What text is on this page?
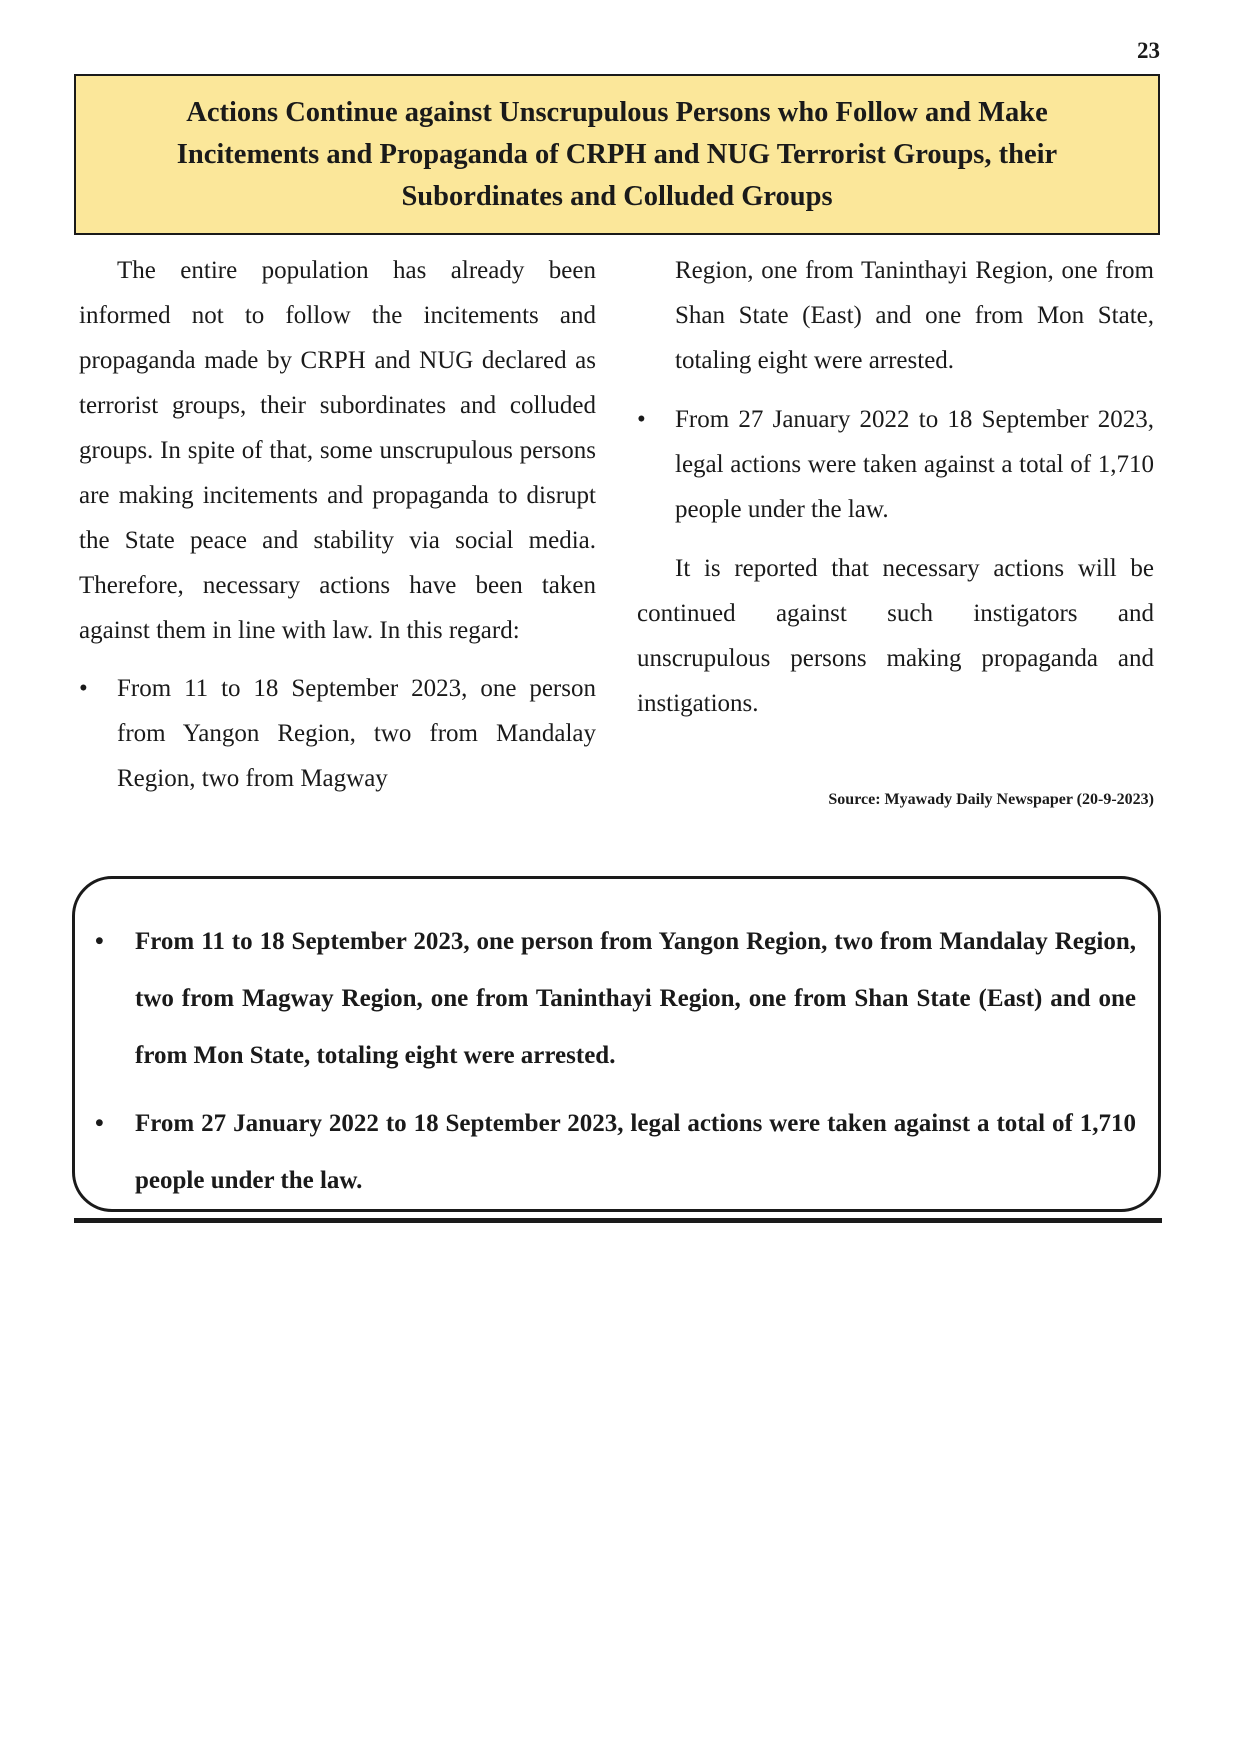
23
Actions Continue against Unscrupulous Persons who Follow and Make
Incitements and Propaganda of CRPH and NUG Terrorist Groups, their
Subordinates and Colluded Groups

The entire population has already been informed not to follow the incitements and propaganda made by CRPH and NUG declared as terrorist groups, their subordinates and colluded groups. In spite of that, some unscrupulous persons are making incitements and propaganda to disrupt the State peace and stability via social media. Therefore, necessary actions have been taken against them in line with law. In this regard:

•	From 11 to 18 September 2023, one person from Yangon Region, two from Mandalay Region, two from Magway
Region, one from Taninthayi Region, one from Shan State (East) and one from Mon State, totaling eight were arrested.
•	From 27 January 2022 to 18 September 2023, legal actions were taken against a total of 1,710 people under the law.

It is reported that necessary actions will be continued against such instigators and unscrupulous persons making propaganda and instigations.

Source: Myawady Daily Newspaper (20-9-2023)
• From 11 to 18 September 2023, one person from Yangon Region, two from Mandalay Region, two from Magway Region, one from Taninthayi Region, one from Shan State (East) and one from Mon State, totaling eight were arrested.
• From 27 January 2022 to 18 September 2023, legal actions were taken against a total of 1,710 people under the law.
